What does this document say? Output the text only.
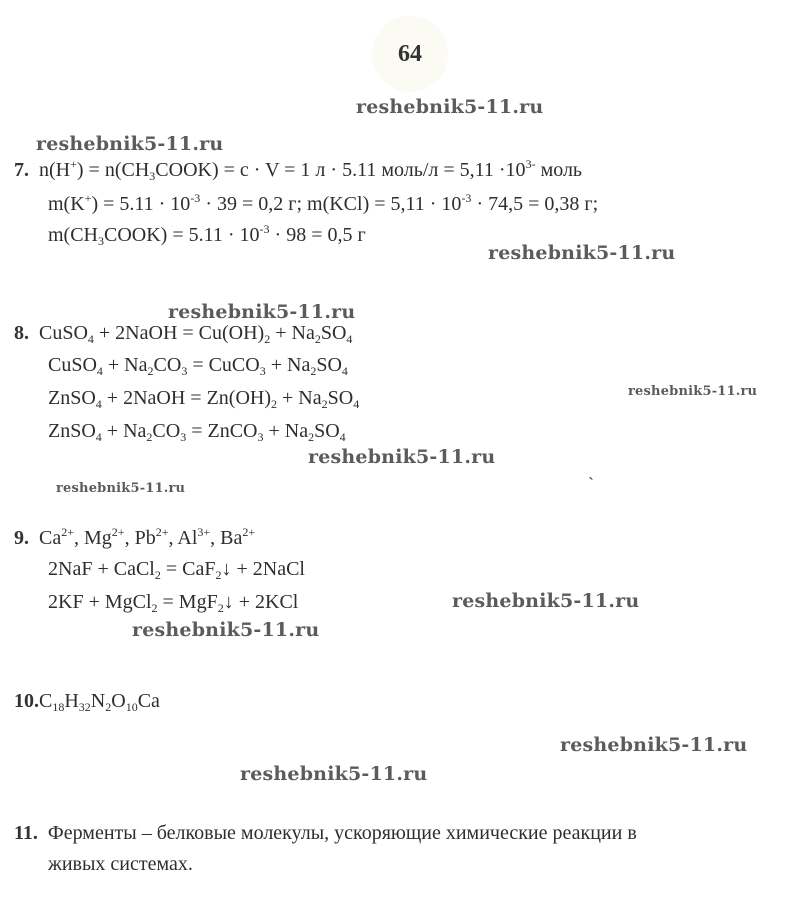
64
reshebnik5-11.ru
reshebnik5-11.ru
reshebnik5-11.ru
reshebnik5-11.ru
reshebnik5-11.ru
reshebnik5-11.ru
reshebnik5-11.ru
reshebnik5-11.ru
reshebnik5-11.ru
reshebnik5-11.ru
reshebnik5-11.ru
ˎ
7. $n(H^+) = n(CH_3COOK) = c \cdot V = 1$ л · 5.11 моль/л = $5,11 \cdot 10^{3-}$ моль
$m(K^+) = 5.11 \cdot 10^{-3} \cdot 39 = 0,2$ г; $m(KCl) = 5,11 \cdot 10^{-3} \cdot 74,5 = 0,38$ г;
$m(CH_3COOK) = 5.11 \cdot 10^{-3} \cdot 98 = 0,5$ г
8. CuSO$_4$ + 2NaOH = $Cu(OH)_2 + Na_2SO_4$
CuSO$_4$ + $Na_2CO_3$ = CuCO$_3$ + $Na_2SO_4$
ZnSO$_4$ + 2NaOH = $Zn(OH)_2 + Na_2SO_4$
ZnSO$_4$ + $Na_2CO_3$ = ZnCO$_3$ + $Na_2SO_4$
9. $Ca^{2+}$, $Mg^{2+}$, $Pb^{2+}$, $Al^{3+}$, $Ba^{2+}$
2NaF + CaCl$_2$ = CaF$_2$↓ + 2NaCl
2KF + MgCl$_2$ = MgF$_2$↓ + 2KCl
$10.C_{18}H_{32}N_2O_{10}Ca$
11. Ферменты – белковые молекулы, ускоряющие химические реакции в
живых системах.
